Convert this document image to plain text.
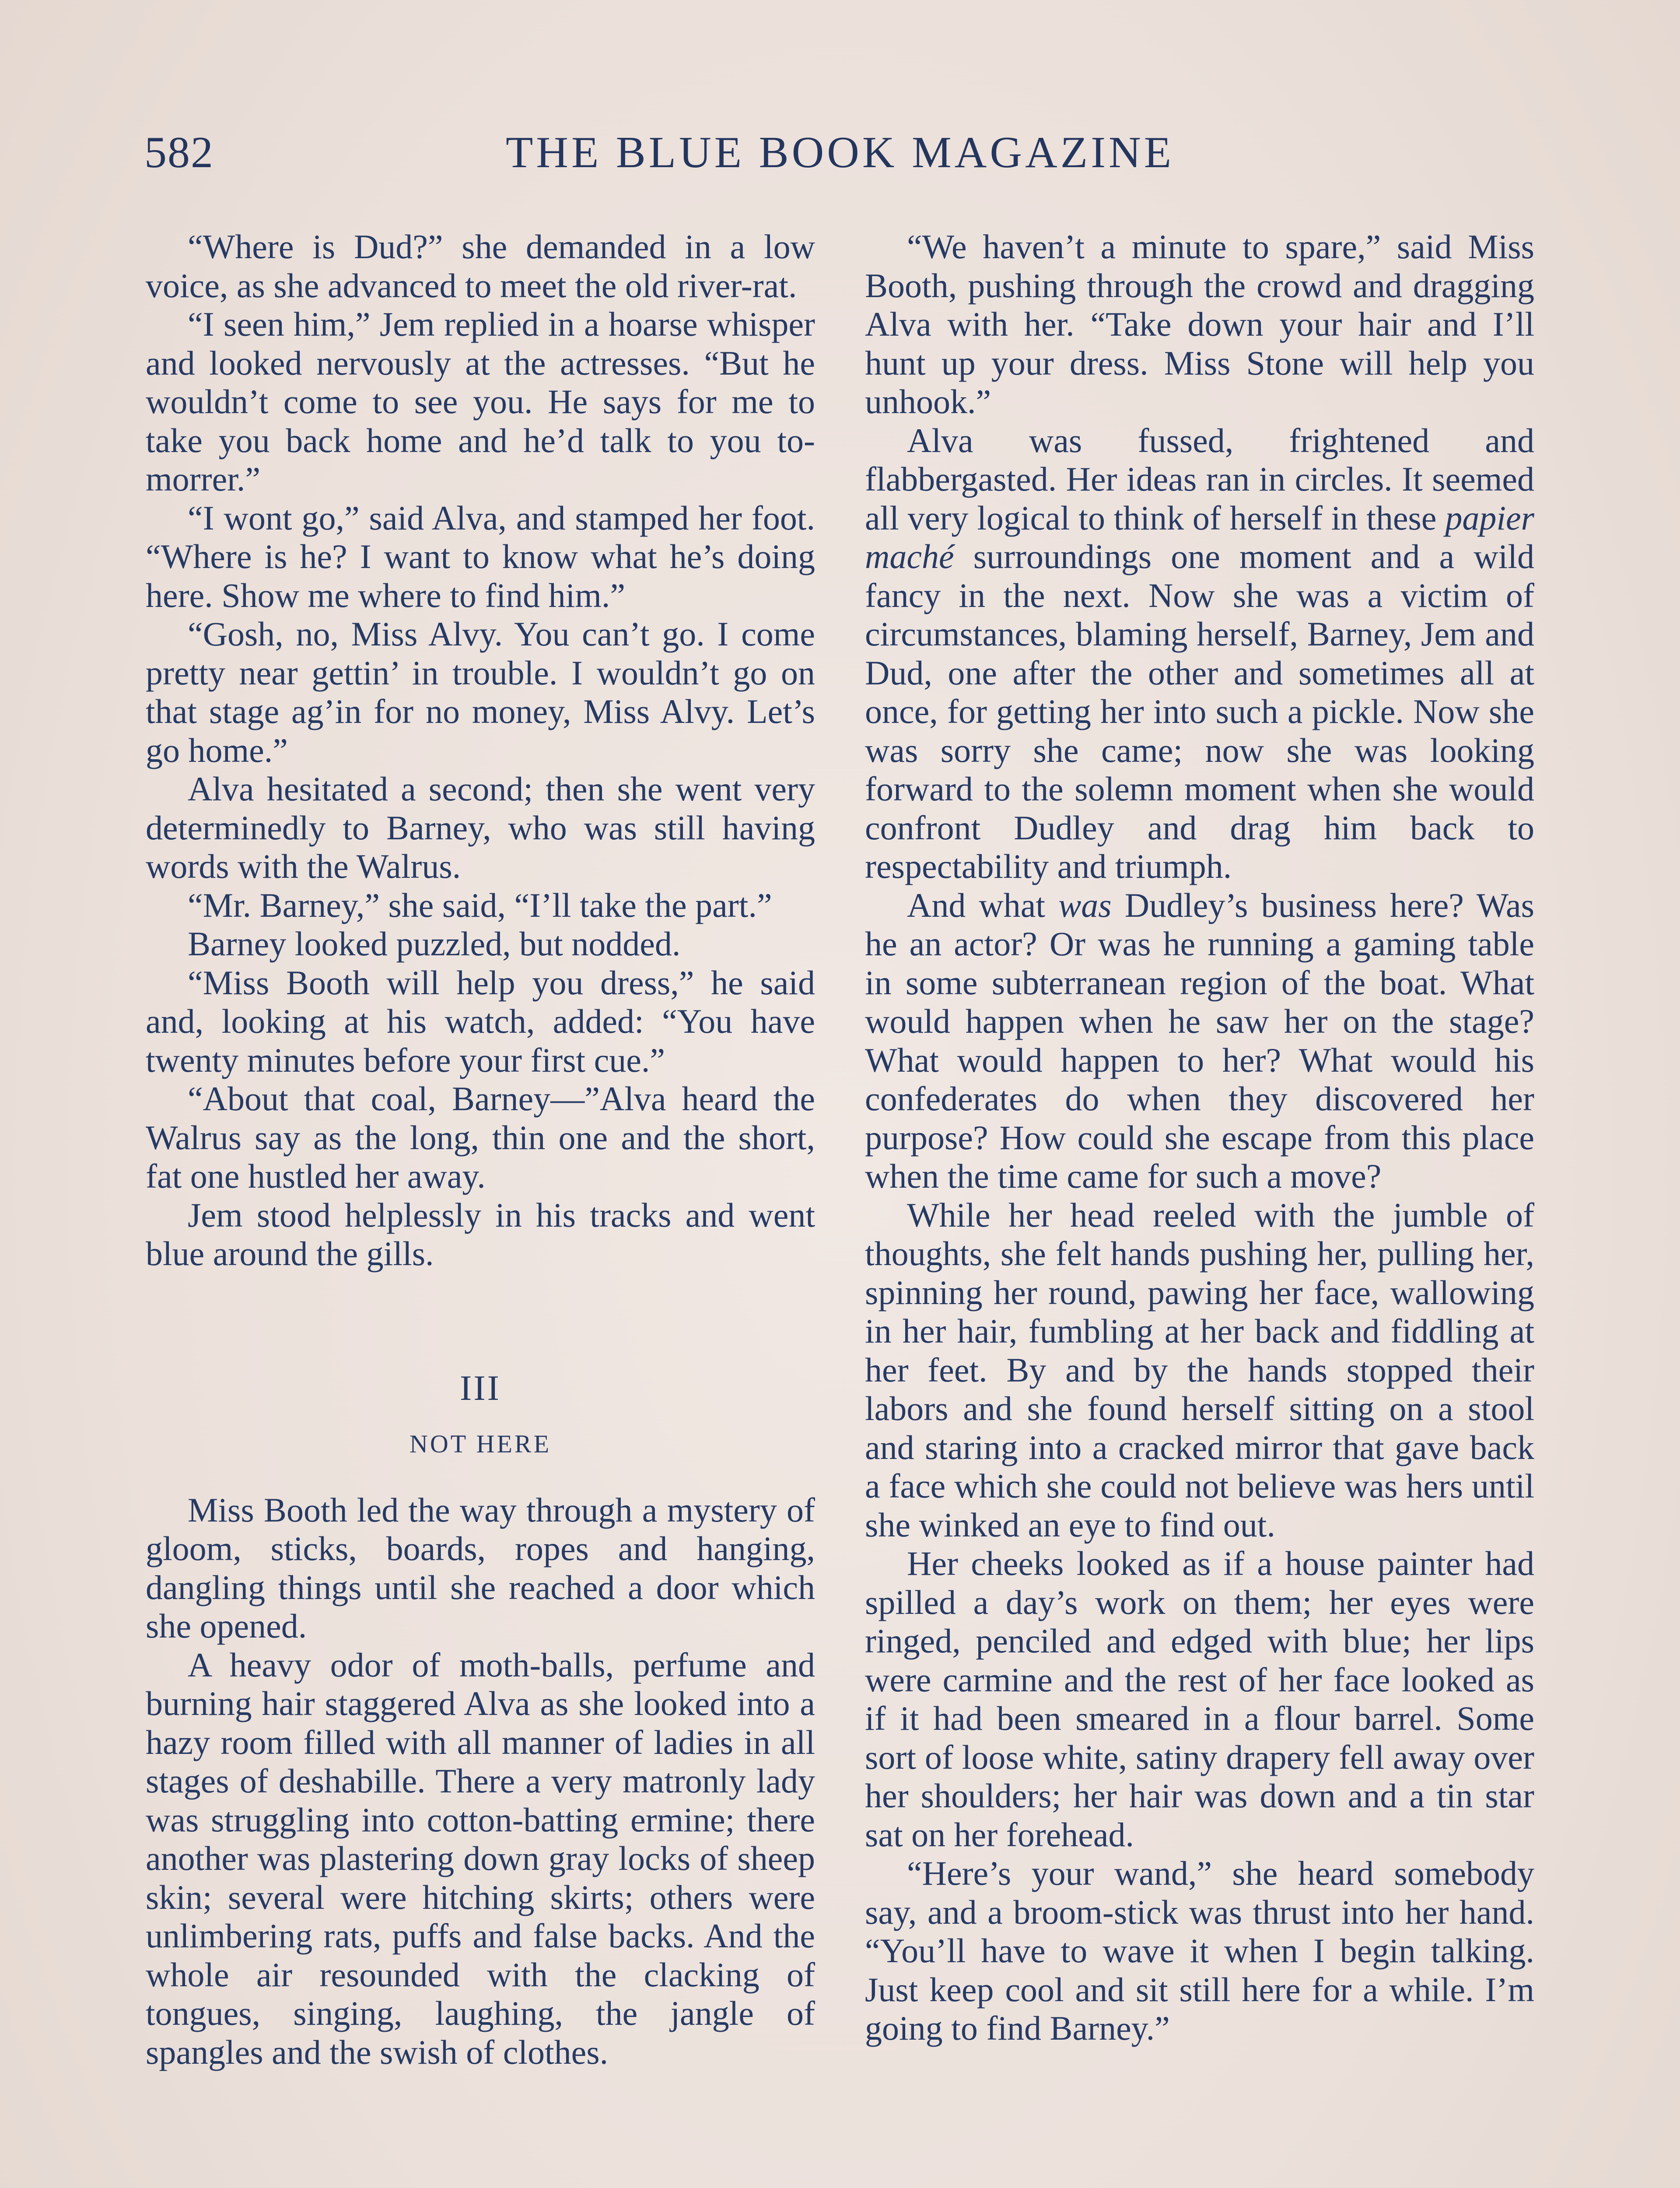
582	THE BLUE BOOK MAGAZINE

“Where is Dud?” she demanded in a low voice, as she advanced to meet the old river-rat.

“I seen him,” Jem replied in a hoarse whisper and looked nervously at the actresses. “But he wouldn’t come to see you. He says for me to take you back home and he’d talk to you to-morrer.”

“I wont go,” said Alva, and stamped her foot. “Where is he? I want to know what he’s doing here. Show me where to find him.”

“Gosh, no, Miss Alvy. You can’t go. I come pretty near gettin’ in trouble. I wouldn’t go on that stage ag’in for no money, Miss Alvy. Let’s go home.”

Alva hesitated a second; then she went very determinedly to Barney, who was still having words with the Walrus.

“Mr. Barney,” she said, “I’ll take the part.”

Barney looked puzzled, but nodded.

“Miss Booth will help you dress,” he said and, looking at his watch, added: “You have twenty minutes before your first cue.”

“About that coal, Barney—”Alva heard the Walrus say as the long, thin one and the short, fat one hustled her away.

Jem stood helplessly in his tracks and went blue around the gills.

III
NOT HERE

Miss Booth led the way through a mystery of gloom, sticks, boards, ropes and hanging, dangling things until she reached a door which she opened.

A heavy odor of moth-balls, perfume and burning hair staggered Alva as she looked into a hazy room filled with all manner of ladies in all stages of deshabille. There a very matronly lady was struggling into cotton-batting ermine; there another was plastering down gray locks of sheep skin; several were hitching skirts; others were unlimbering rats, puffs and false backs. And the whole air resounded with the clacking of tongues, singing, laughing, the jangle of spangles and the swish of clothes.

“We haven’t a minute to spare,” said Miss Booth, pushing through the crowd and dragging Alva with her. “Take down your hair and I’ll hunt up your dress. Miss Stone will help you unhook.”

Alva was fussed, frightened and flabbergasted. Her ideas ran in circles. It seemed all very logical to think of herself in these papier maché surroundings one moment and a wild fancy in the next. Now she was a victim of circumstances, blaming herself, Barney, Jem and Dud, one after the other and sometimes all at once, for getting her into such a pickle. Now she was sorry she came; now she was looking forward to the solemn moment when she would confront Dudley and drag him back to respectability and triumph.

And what was Dudley’s business here? Was he an actor? Or was he running a gaming table in some subterranean region of the boat. What would happen when he saw her on the stage? What would happen to her? What would his confederates do when they discovered her purpose? How could she escape from this place when the time came for such a move?

While her head reeled with the jumble of thoughts, she felt hands pushing her, pulling her, spinning her round, pawing her face, wallowing in her hair, fumbling at her back and fiddling at her feet. By and by the hands stopped their labors and she found herself sitting on a stool and staring into a cracked mirror that gave back a face which she could not believe was hers until she winked an eye to find out.

Her cheeks looked as if a house painter had spilled a day’s work on them; her eyes were ringed, penciled and edged with blue; her lips were carmine and the rest of her face looked as if it had been smeared in a flour barrel. Some sort of loose white, satiny drapery fell away over her shoulders; her hair was down and a tin star sat on her forehead.

“Here’s your wand,” she heard somebody say, and a broom-stick was thrust into her hand. “You’ll have to wave it when I begin talking. Just keep cool and sit still here for a while. I’m going to find Barney.”
